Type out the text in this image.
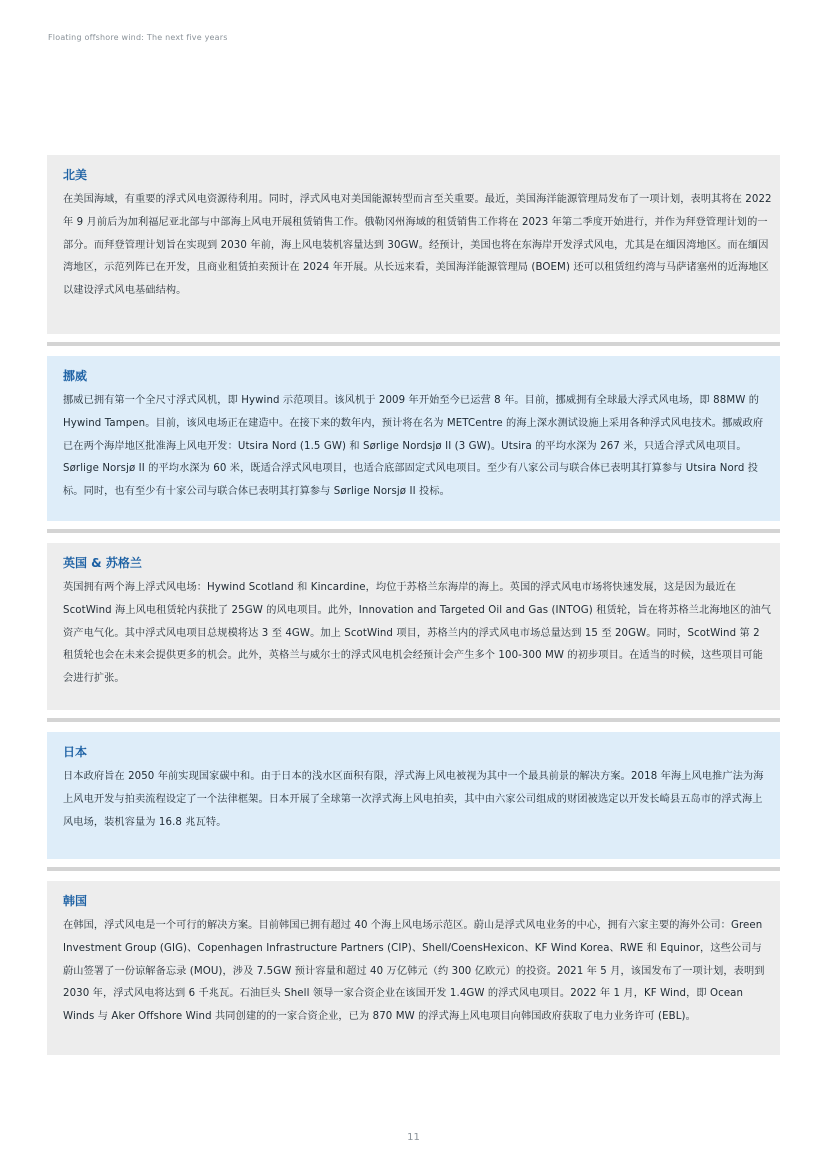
Floating offshore wind: The next five years
北美

在美国海域，有重要的浮式风电资源待利用。同时，浮式风电对美国能源转型而言至关重要。最近，美国海洋能源管理局发布了一项计划，表明其将在 2022 年 9 月前后为加利福尼亚北部与中部海上风电开展租赁销售工作。俄勒冈州海域的租赁销售工作将在 2023 年第二季度开始进行，并作为拜登管理计划的一部分。而拜登管理计划旨在实现到 2030 年前，海上风电装机容量达到 30GW。经预计，美国也将在东海岸开发浮式风电，尤其是在缅因湾地区。而在缅因湾地区，示范列阵已在开发，且商业租赁拍卖预计在 2024 年开展。从长远来看，美国海洋能源管理局 (BOEM) 还可以租赁纽约湾与马萨诸塞州的近海地区以建设浮式风电基础结构。

挪威

挪威已拥有第一个全尺寸浮式风机，即 Hywind 示范项目。该风机于 2009 年开始至今已运营 8 年。目前，挪威拥有全球最大浮式风电场，即 88MW 的 Hywind Tampen。目前，该风电场正在建造中。在接下来的数年内，预计将在名为 METCentre 的海上深水测试设施上采用各种浮式风电技术。挪威政府已在两个海岸地区批准海上风电开发：Utsira Nord (1.5 GW) 和 Sørlige Nordsjø II (3 GW)。Utsira 的平均水深为 267 米，只适合浮式风电项目。Sørlige Norsjø II 的平均水深为 60 米，既适合浮式风电项目，也适合底部固定式风电项目。至少有八家公司与联合体已表明其打算参与 Utsira Nord 投标。同时，也有至少有十家公司与联合体已表明其打算参与 Sørlige Norsjø II 投标。

英国 & 苏格兰

英国拥有两个海上浮式风电场：Hywind Scotland 和 Kincardine，均位于苏格兰东海岸的海上。英国的浮式风电市场将快速发展，这是因为最近在 ScotWind 海上风电租赁轮内获批了 25GW 的风电项目。此外，Innovation and Targeted Oil and Gas (INTOG) 租赁轮，旨在将苏格兰北海地区的油气资产电气化。其中浮式风电项目总规模将达 3 至 4GW。加上 ScotWind 项目，苏格兰内的浮式风电市场总量达到 15 至 20GW。同时，ScotWind 第 2 租赁轮也会在未来会提供更多的机会。此外，英格兰与威尔士的浮式风电机会经预计会产生多个 100-300 MW 的初步项目。在适当的时候，这些项目可能会进行扩张。

日本

日本政府旨在 2050 年前实现国家碳中和。由于日本的浅水区面积有限，浮式海上风电被视为其中一个最具前景的解决方案。2018 年海上风电推广法为海上风电开发与拍卖流程设定了一个法律框架。日本开展了全球第一次浮式海上风电拍卖，其中由六家公司组成的财团被选定以开发长崎县五岛市的浮式海上风电场，装机容量为 16.8 兆瓦特。

韩国

在韩国，浮式风电是一个可行的解决方案。目前韩国已拥有超过 40 个海上风电场示范区。蔚山是浮式风电业务的中心，拥有六家主要的海外公司：Green Investment Group (GIG)、Copenhagen Infrastructure Partners (CIP)、Shell/CoensHexicon、KF Wind Korea、RWE 和 Equinor，这些公司与蔚山签署了一份谅解备忘录 (MOU)，涉及 7.5GW 预计容量和超过 40 万亿韩元（约 300 亿欧元）的投资。2021 年 5 月，该国发布了一项计划，表明到 2030 年，浮式风电将达到 6 千兆瓦。石油巨头 Shell 领导一家合资企业在该国开发 1.4GW 的浮式风电项目。2022 年 1 月，KF Wind，即 Ocean Winds 与 Aker Offshore Wind 共同创建的的一家合资企业，已为 870 MW 的浮式海上风电项目向韩国政府获取了电力业务许可 (EBL)。

11
